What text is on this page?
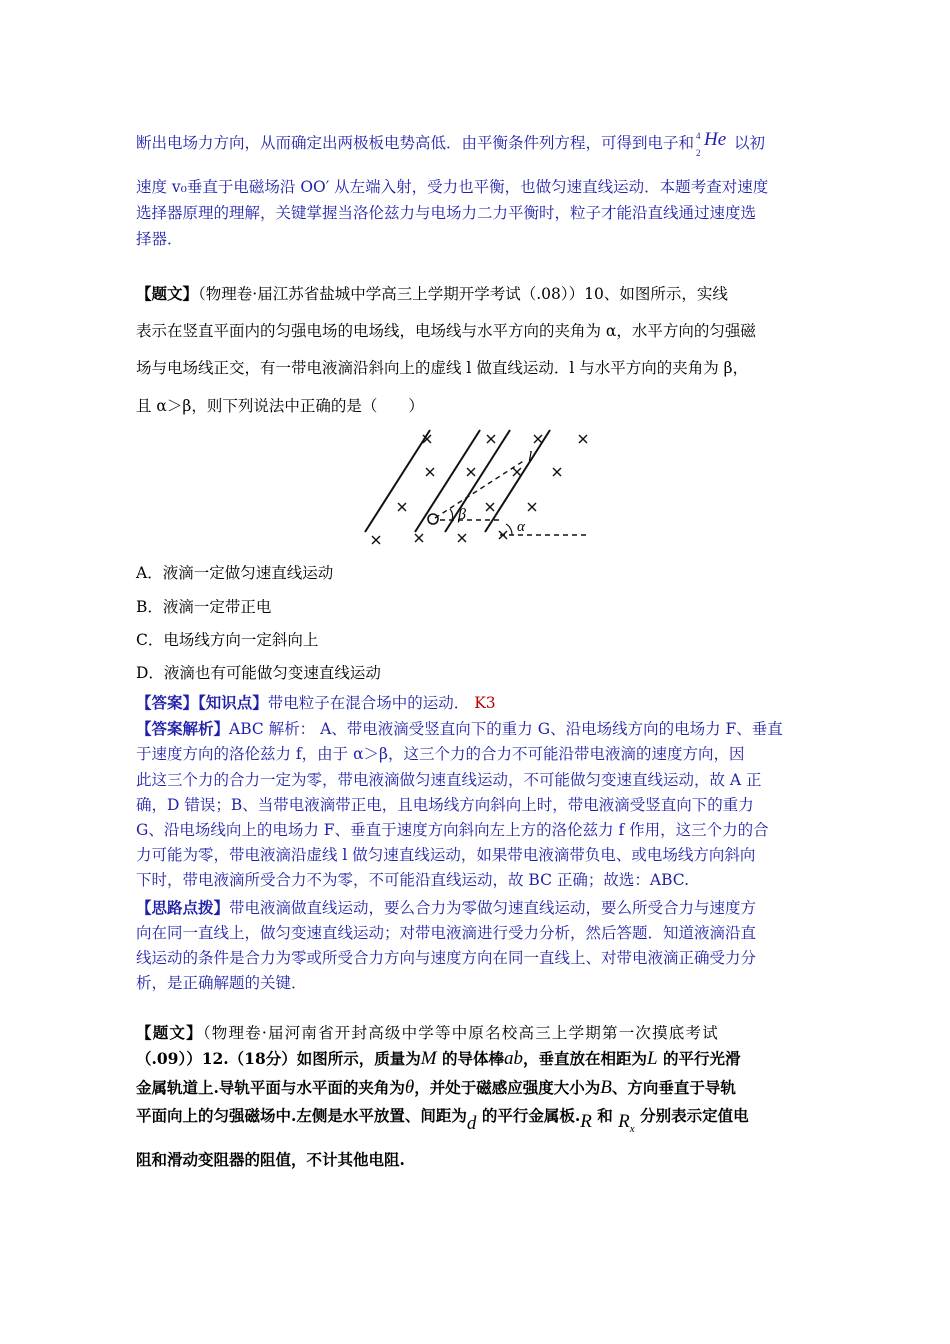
断出电场力方向，从而确定出两极板电势高低．由平衡条件列方程，可得到电子和 4
2
He 以初
速度 v₀垂直于电磁场沿 OO′ 从左端入射，受力也平衡，也做匀速直线运动．本题考查对速度
选择器原理的理解，关键掌握当洛伦兹力与电场力二力平衡时，粒子才能沿直线通过速度选
择器．
【题文】（物理卷·届江苏省盐城中学高三上学期开学考试（.08））10、如图所示，实线
表示在竖直平面内的匀强电场的电场线，电场线与水平方向的夹角为 α，水平方向的匀强磁
场与电场线正交，有一带电液滴沿斜向上的虚线 l 做直线运动．l 与水平方向的夹角为 β，
且 α＞β，则下列说法中正确的是（　　）
l
β
α
A．液滴一定做匀速直线运动
B．液滴一定带正电
C．电场线方向一定斜向上
D．液滴也有可能做匀变速直线运动
【答案】【知识点】带电粒子在混合场中的运动． K3
【答案解析】ABC 解析： A、带电液滴受竖直向下的重力 G、沿电场线方向的电场力 F、垂直
于速度方向的洛伦兹力 f，由于 α＞β，这三个力的合力不可能沿带电液滴的速度方向，因
此这三个力的合力一定为零，带电液滴做匀速直线运动，不可能做匀变速直线运动，故 A 正
确，D 错误；B、当带电液滴带正电，且电场线方向斜向上时，带电液滴受竖直向下的重力
G、沿电场线向上的电场力 F、垂直于速度方向斜向左上方的洛伦兹力 f 作用，这三个力的合
力可能为零，带电液滴沿虚线 l 做匀速直线运动，如果带电液滴带负电、或电场线方向斜向
下时，带电液滴所受合力不为零，不可能沿直线运动，故 BC 正确；故选：ABC.
【思路点拨】带电液滴做直线运动，要么合力为零做匀速直线运动，要么所受合力与速度方
向在同一直线上，做匀变速直线运动；对带电液滴进行受力分析，然后答题．知道液滴沿直
线运动的条件是合力为零或所受合力方向与速度方向在同一直线上、对带电液滴正确受力分
析，是正确解题的关键．
【题文】（物理卷·届河南省开封高级中学等中原名校高三上学期第一次摸底考试
（.09））12.（18分）如图所示，质量为M 的导体棒ab，垂直放在相距为L 的平行光滑
金属轨道上.导轨平面与水平面的夹角为θ，并处于磁感应强度大小为B、方向垂直于导轨
平面向上的匀强磁场中.左侧是水平放置、间距为d 的平行金属板.R 和 $R_x$ 分别表示定值电
阻和滑动变阻器的阻值，不计其他电阻.
